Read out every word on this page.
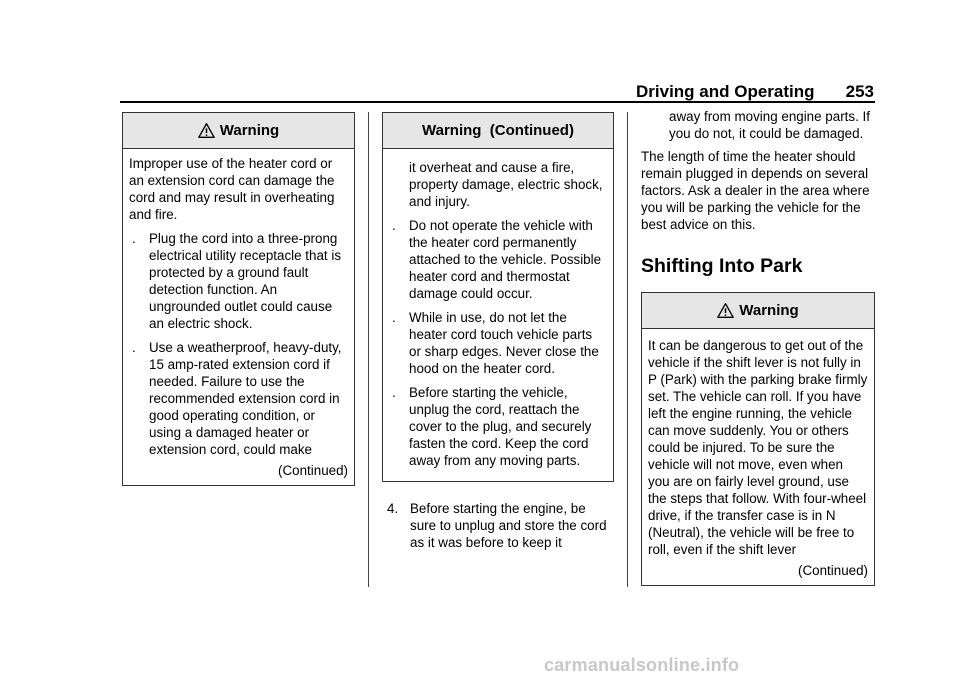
Driving and Operating 253
Warning

Improper use of the heater cord or an extension cord can damage the cord and may result in overheating and fire.

. Plug the cord into a three-prong electrical utility receptacle that is protected by a ground fault detection function. An ungrounded outlet could cause an electric shock.
. Use a weatherproof, heavy-duty, 15 amp-rated extension cord if needed. Failure to use the recommended extension cord in good operating condition, or using a damaged heater or extension cord, could make
(Continued)
Warning  (Continued)
it overheat and cause a fire, property damage, electric shock, and injury.
. Do not operate the vehicle with the heater cord permanently attached to the vehicle. Possible heater cord and thermostat damage could occur.
. While in use, do not let the heater cord touch vehicle parts or sharp edges. Never close the hood on the heater cord.
. Before starting the vehicle, unplug the cord, reattach the cover to the plug, and securely fasten the cord. Keep the cord away from any moving parts.
4. Before starting the engine, be sure to unplug and store the cord as it was before to keep it
away from moving engine parts. If you do not, it could be damaged.

The length of time the heater should remain plugged in depends on several factors. Ask a dealer in the area where you will be parking the vehicle for the best advice on this.

Shifting Into Park
Warning

It can be dangerous to get out of the vehicle if the shift lever is not fully in P (Park) with the parking brake firmly set. The vehicle can roll. If you have left the engine running, the vehicle can move suddenly. You or others could be injured. To be sure the vehicle will not move, even when you are on fairly level ground, use the steps that follow. With four-wheel drive, if the transfer case is in N (Neutral), the vehicle will be free to roll, even if the shift lever

(Continued)
carmanualsonline.info
